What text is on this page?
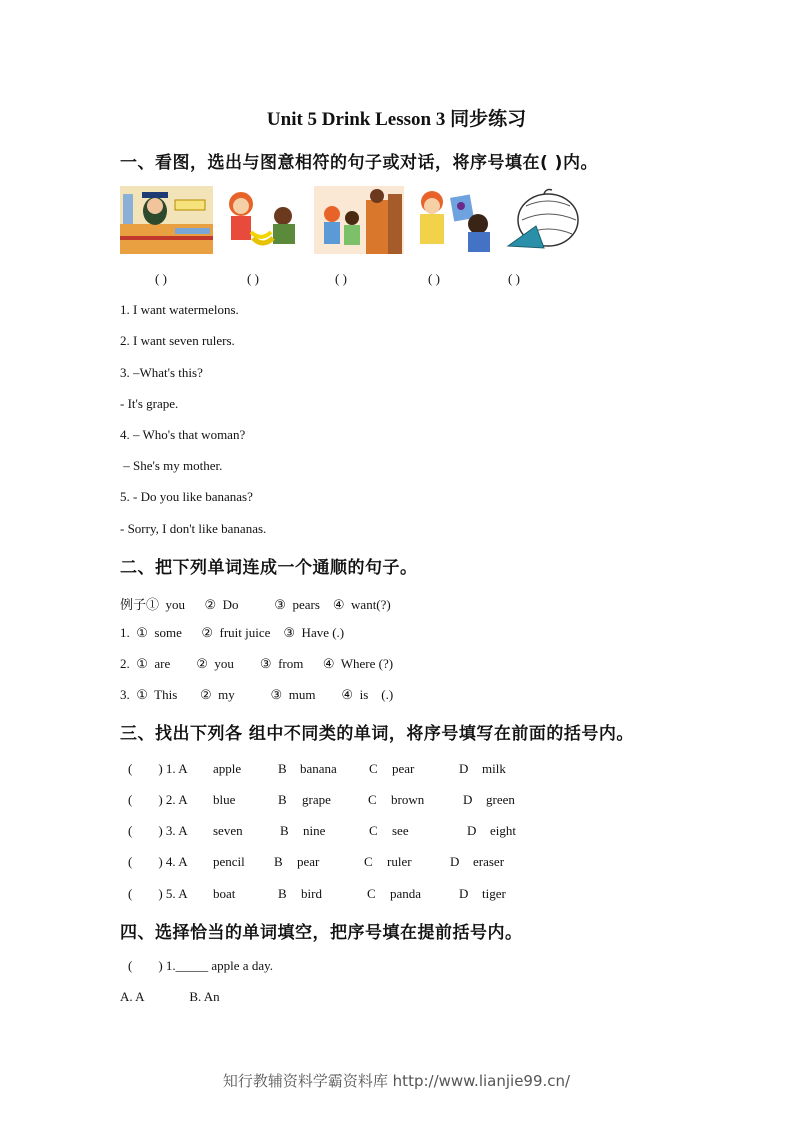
Unit 5 Drink Lesson 3 同步练习
一、看图，选出与图意相符的句子或对话，将序号填在( )内。
( )	( )	( )	( )	( )
1. I want watermelons.
2. I want seven rulers.
3. –What's this?
- It's grape.
4. – Who's that woman?
– She's my mother.
5. - Do you like bananas?
- Sorry, I don't like bananas.
二、把下列单词连成一个通顺的句子。
例子①  you      ②  Do           ③  pears    ④  want(?)
1.  ①  some      ②  fruit juice    ③  Have (.)
2.  ①  are        ②  you        ③  from      ④  Where (?)
3.  ①  This       ②  my           ③  mum        ④  is    (.)
三、找出下列各 组中不同类的单词，将序号填写在前面的括号内。
(        ) 1. A apple	B banana C pear	D milk
(        ) 2. A blue	B grape	C brown	D green
(        ) 3. A seven	B nine	C see	D eight
(        ) 4. A pencil B pear	C ruler	D eraser
(        ) 5. A boat	B bird	C panda	D tiger
四、选择恰当的单词填空，把序号填在提前括号内。
(        ) 1._____ apple a day.
A. A              B. An
知行教辅资料学霸资料库 http://www.lianjie99.cn/
